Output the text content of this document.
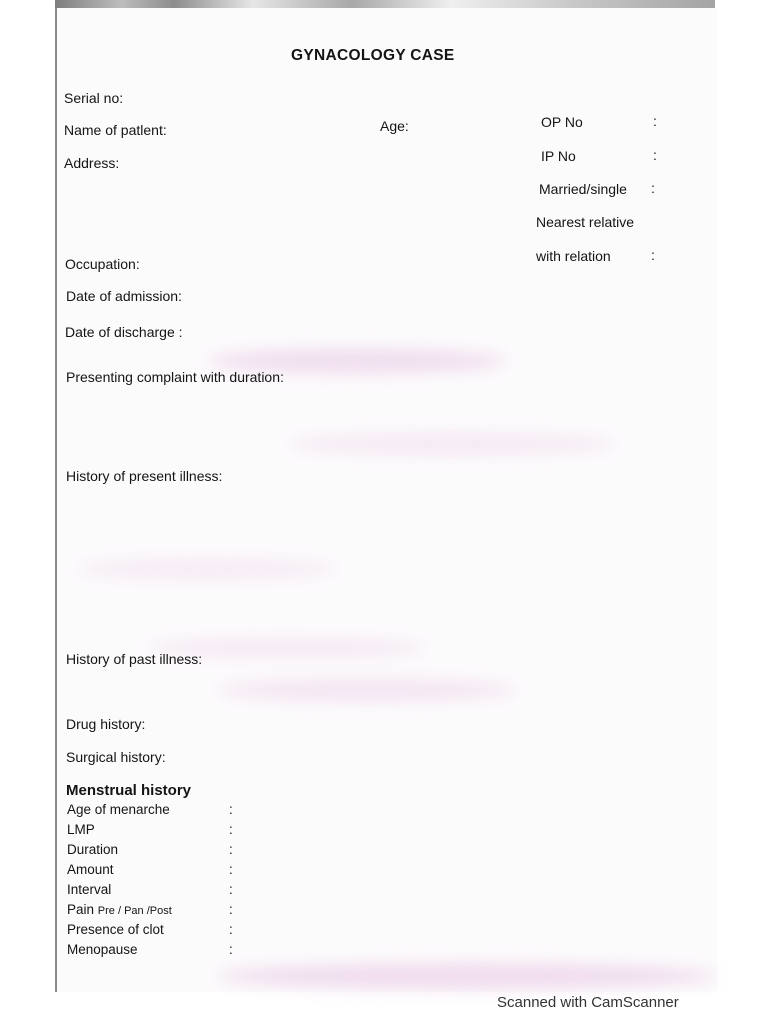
GYNACOLOGY CASE

Serial no:

Name of patlent:	Age:

Address:

OP No	:

IP No	:

Married/single :

Nearest relative

with relation	:

Occupation:

Date of admission:

Date of discharge :

Presenting complaint with duration:

History of present illness:

History of past illness:

Drug history:

Surgical history:

Menstrual history
Age of menarche	:
LMP	:
Duration	:
Amount	:
Interval	:
Pain Pre / Pan /Post	:
Presence of clot	:
Menopause	:
Scanned with CamScanner
